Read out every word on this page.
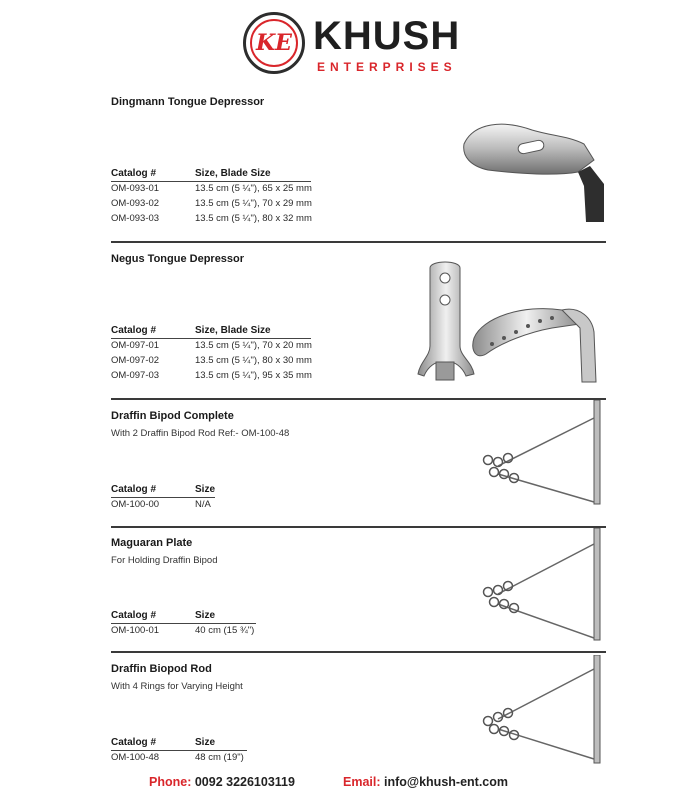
KE KHUSH
ENTERPRISES
Dingmann Tongue Depressor
Catalog #	Size, Blade Size
OM-093-01	13.5 cm (5 ¼"), 65 x 25 mm
OM-093-02	13.5 cm (5 ¼"), 70 x 29 mm
OM-093-03	13.5 cm (5 ¼"), 80 x 32 mm
Negus Tongue Depressor
Catalog #	Size, Blade Size
OM-097-01	13.5 cm (5 ¼"), 70 x 20 mm
OM-097-02	13.5 cm (5 ¼"), 80 x 30 mm
OM-097-03	13.5 cm (5 ¼"), 95 x 35 mm
Draffin Bipod Complete
With 2 Draffin Bipod Rod Ref:- OM-100-48
Catalog #	Size
OM-100-00	N/A
Maguaran Plate
For Holding Draffin Bipod
Catalog #	Size
OM-100-01	40 cm (15 ¾")
Draffin Biopod Rod
With 4 Rings for Varying Height
Catalog #	Size
OM-100-48	48 cm (19")
Phone: 0092 3226103119	Email: info@khush-ent.com
